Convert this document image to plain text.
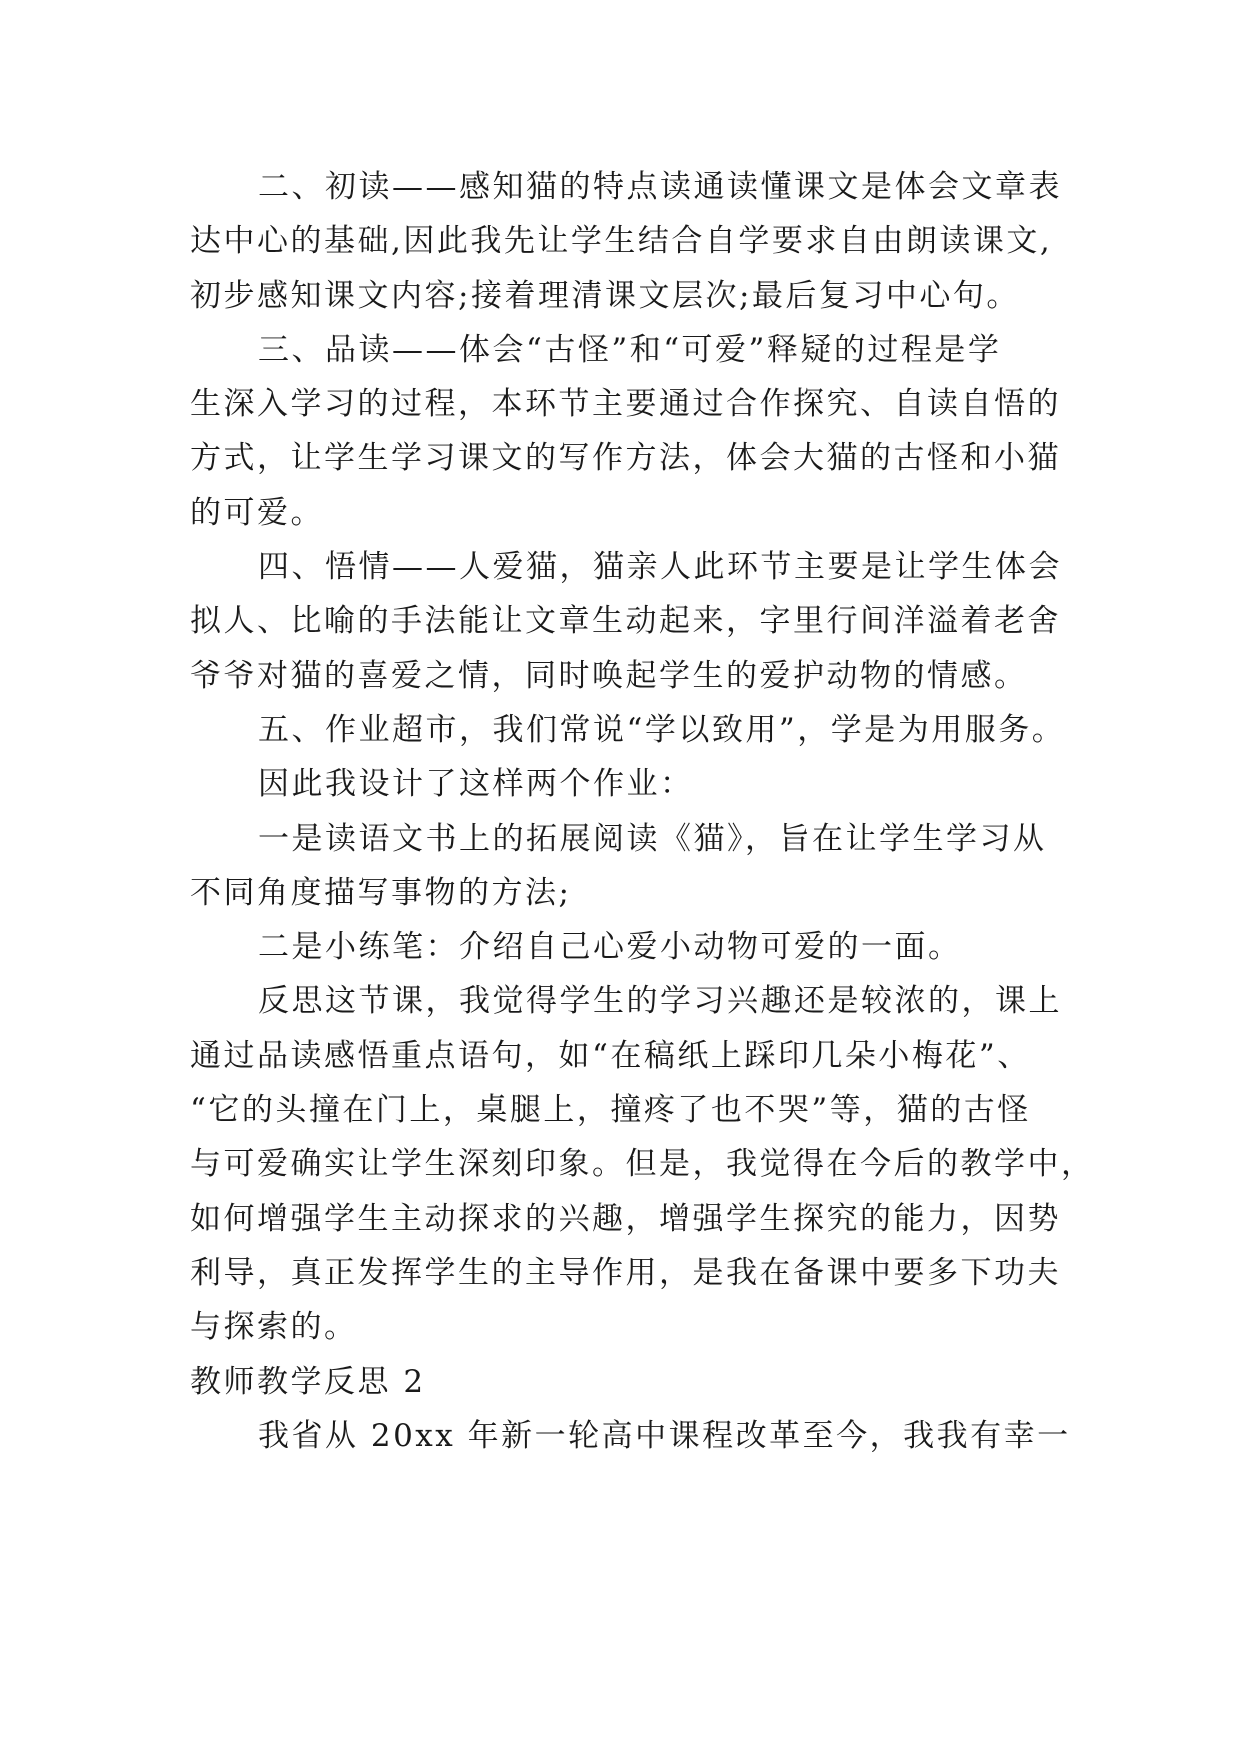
二、初读——感知猫的特点读通读懂课文是体会文章表
达中心的基础,因此我先让学生结合自学要求自由朗读课文,
初步感知课文内容;接着理清课文层次;最后复习中心句。
三、品读——体会“古怪”和“可爱”释疑的过程是学
生深入学习的过程，本环节主要通过合作探究、自读自悟的
方式，让学生学习课文的写作方法，体会大猫的古怪和小猫
的可爱。
四、悟情——人爱猫，猫亲人此环节主要是让学生体会
拟人、比喻的手法能让文章生动起来，字里行间洋溢着老舍
爷爷对猫的喜爱之情，同时唤起学生的爱护动物的情感。
五、作业超市，我们常说“学以致用”，学是为用服务。
因此我设计了这样两个作业：
一是读语文书上的拓展阅读《猫》，旨在让学生学习从
不同角度描写事物的方法;
二是小练笔：介绍自己心爱小动物可爱的一面。
反思这节课，我觉得学生的学习兴趣还是较浓的，课上
通过品读感悟重点语句，如“在稿纸上踩印几朵小梅花”、
“它的头撞在门上，桌腿上，撞疼了也不哭”等，猫的古怪
与可爱确实让学生深刻印象。但是，我觉得在今后的教学中，
如何增强学生主动探求的兴趣，增强学生探究的能力，因势
利导，真正发挥学生的主导作用，是我在备课中要多下功夫
与探索的。
教师教学反思 2
我省从 20xx 年新一轮高中课程改革至今，我我有幸一
